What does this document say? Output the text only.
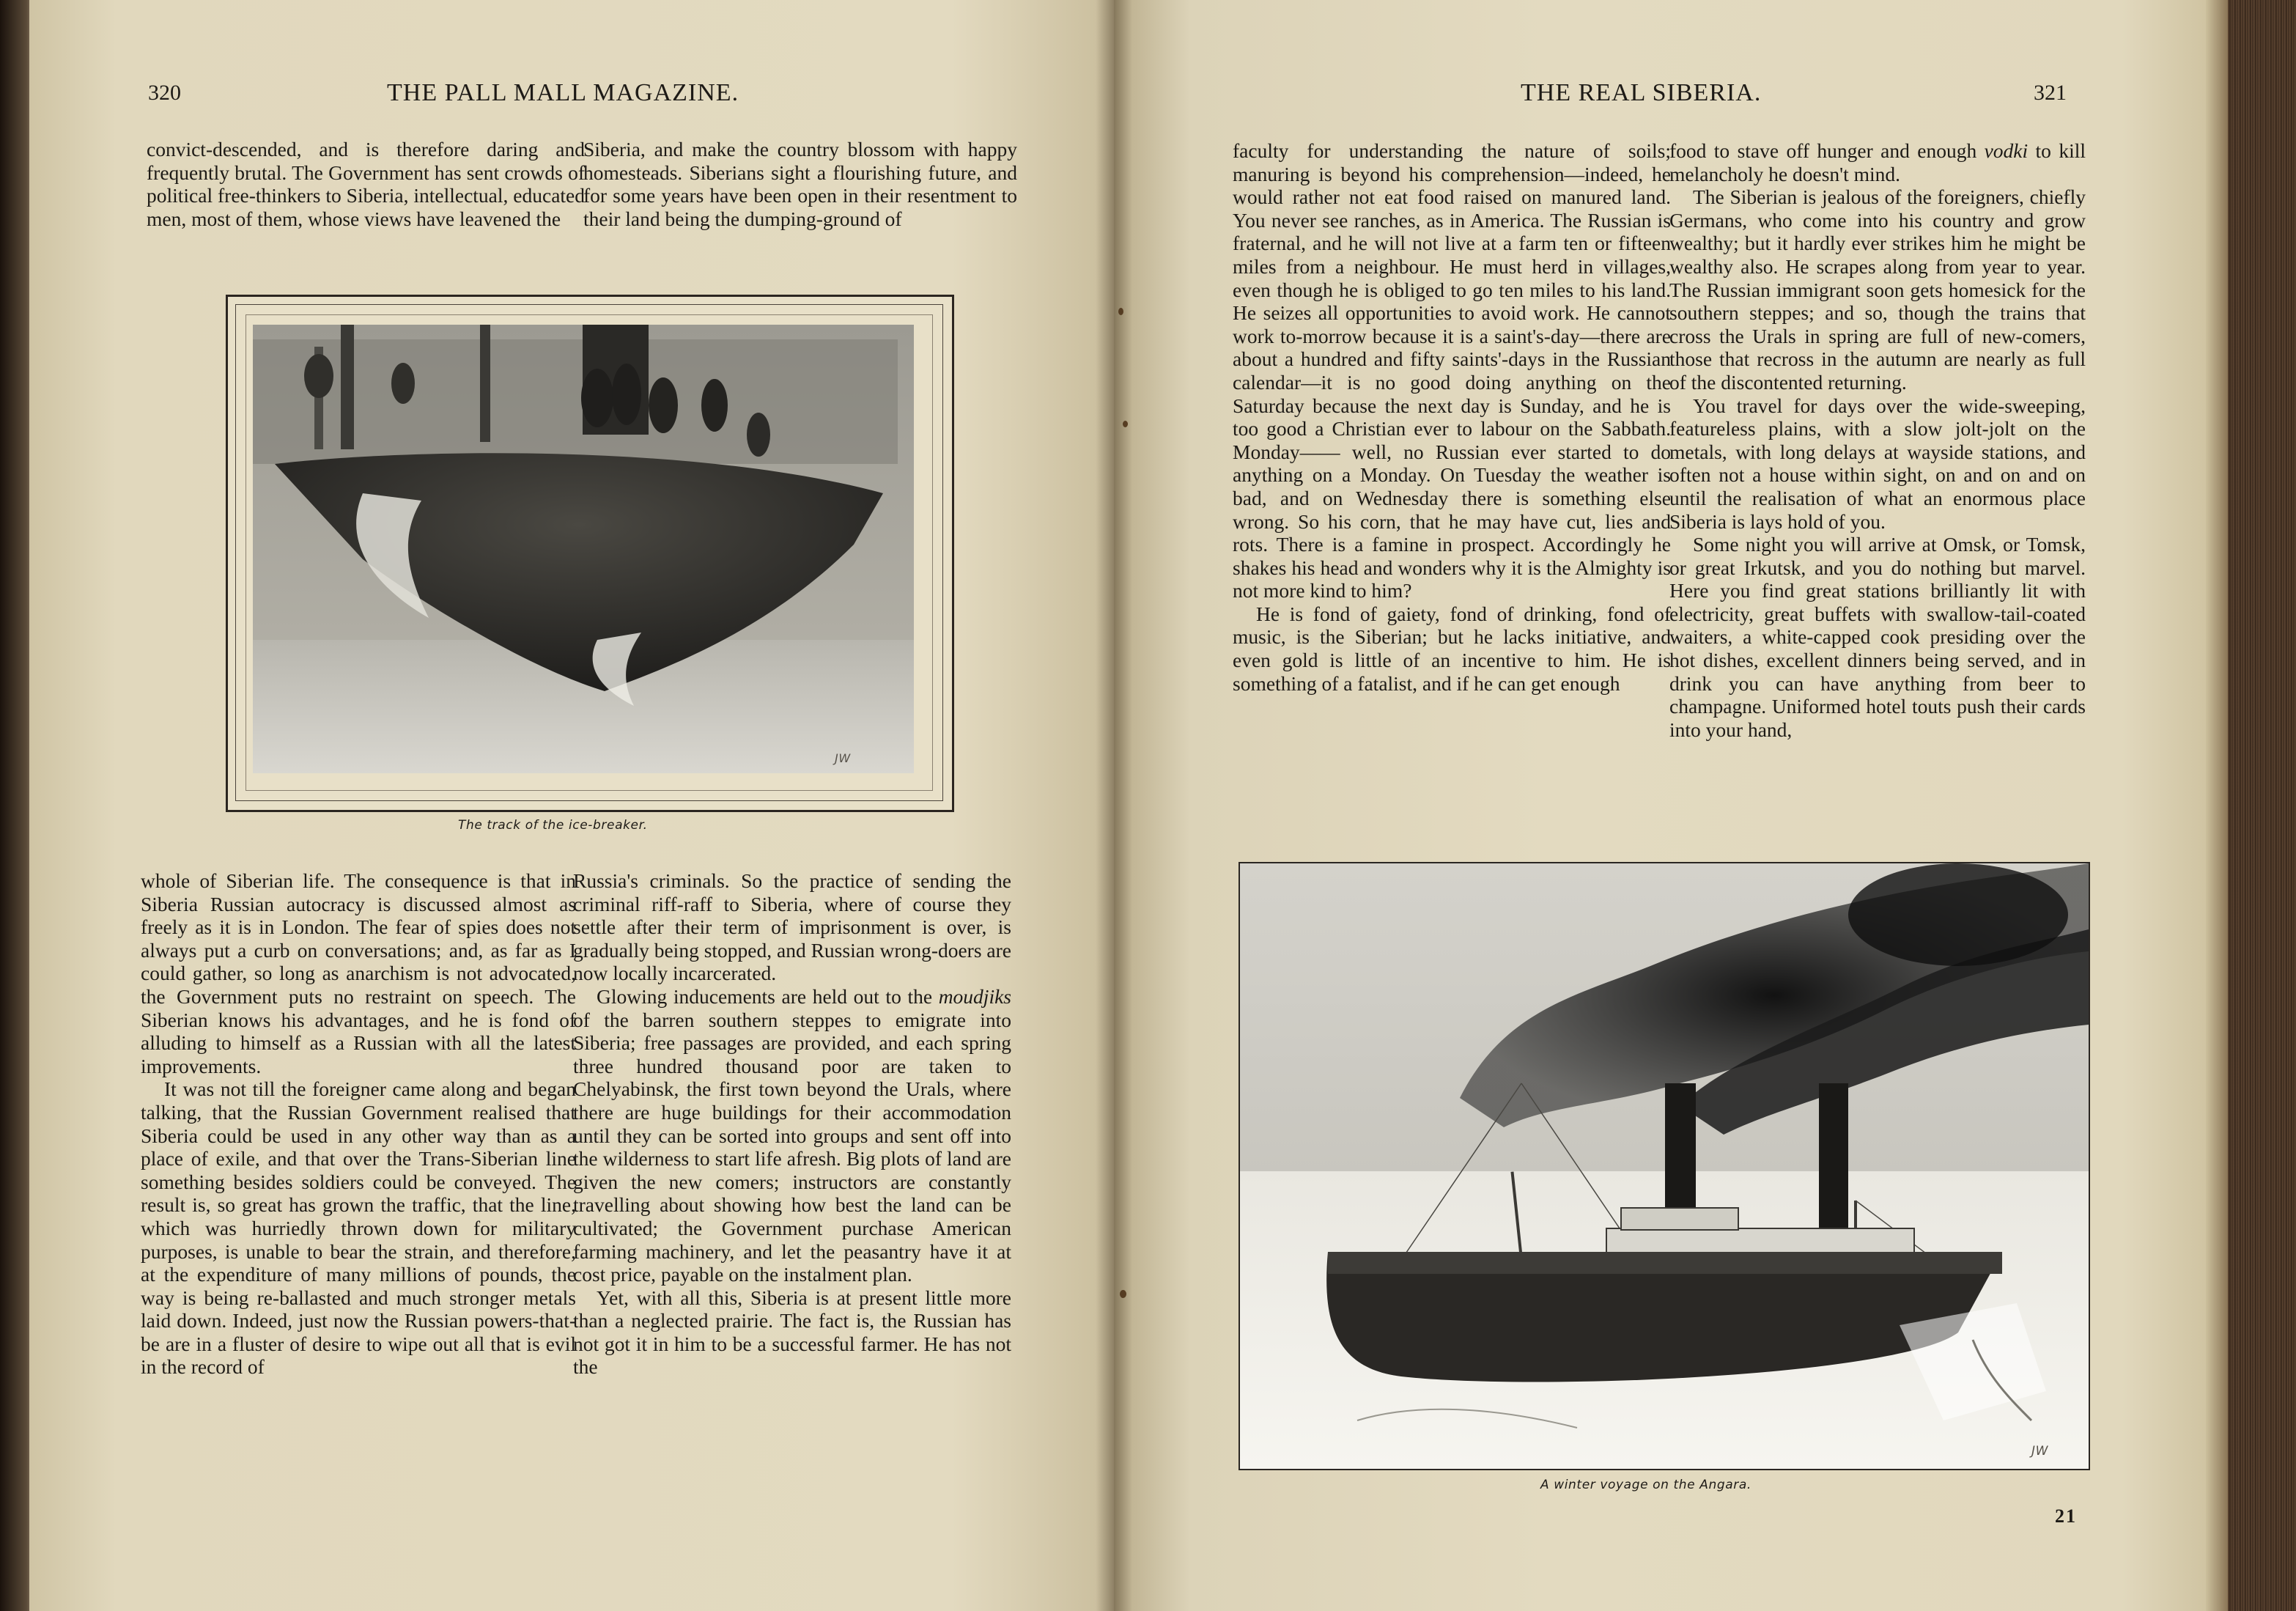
320	THE PALL MALL MAGAZINE.

convict-descended, and is therefore daring and frequently brutal. The Government has sent crowds of political free-thinkers to Siberia, intellectual, educated men, most of them, whose views have leavened the

Siberia, and make the country blossom with happy homesteads. Siberians sight a flourishing future, and for some years have been open in their resentment to their land being the dumping-ground of

JW
The track of the ice-breaker.

whole of Siberian life. The consequence is that in Siberia Russian autocracy is discussed almost as freely as it is in London. The fear of spies does not always put a curb on conversations; and, as far as I could gather, so long as anarchism is not advocated, the Government puts no restraint on speech. The Siberian knows his advantages, and he is fond of alluding to himself as a Russian with all the latest improvements.

It was not till the foreigner came along and began talking, that the Russian Government realised that Siberia could be used in any other way than as a place of exile, and that over the Trans-Siberian line something besides soldiers could be conveyed. The result is, so great has grown the traffic, that the line, which was hurriedly thrown down for military purposes, is unable to bear the strain, and therefore, at the expenditure of many millions of pounds, the way is being re-ballasted and much stronger metals laid down. Indeed, just now the Russian powers-that-be are in a fluster of desire to wipe out all that is evil in the record of

Russia's criminals. So the practice of sending the criminal riff-raff to Siberia, where of course they settle after their term of imprisonment is over, is gradually being stopped, and Russian wrong-doers are now locally incarcerated.

Glowing inducements are held out to the moudjiks of the barren southern steppes to emigrate into Siberia; free passages are provided, and each spring three hundred thousand poor are taken to Chelyabinsk, the first town beyond the Urals, where there are huge buildings for their accommodation until they can be sorted into groups and sent off into the wilderness to start life afresh. Big plots of land are given the new comers; instructors are constantly travelling about showing how best the land can be cultivated; the Government purchase American farming machinery, and let the peasantry have it at cost price, payable on the instalment plan.

Yet, with all this, Siberia is at present little more than a neglected prairie. The fact is, the Russian has not got it in him to be a successful farmer. He has not the

THE REAL SIBERIA.	321

faculty for understanding the nature of soils; manuring is beyond his comprehension—indeed, he would rather not eat food raised on manured land. You never see ranches, as in America. The Russian is fraternal, and he will not live at a farm ten or fifteen miles from a neighbour. He must herd in villages, even though he is obliged to go ten miles to his land. He seizes all opportunities to avoid work. He cannot work to-morrow because it is a saint's-day—there are about a hundred and fifty saints'-days in the Russian calendar—it is no good doing anything on the Saturday because the next day is Sunday, and he is too good a Christian ever to labour on the Sabbath. Monday—— well, no Russian ever started to do anything on a Monday. On Tuesday the weather is bad, and on Wednesday there is something else wrong. So his corn, that he may have cut, lies and rots. There is a famine in prospect. Accordingly he shakes his head and wonders why it is the Almighty is not more kind to him?

He is fond of gaiety, fond of drinking, fond of music, is the Siberian; but he lacks initiative, and even gold is little of an incentive to him. He is something of a fatalist, and if he can get enough

food to stave off hunger and enough vodki to kill melancholy he doesn't mind.

The Siberian is jealous of the foreigners, chiefly Germans, who come into his country and grow wealthy; but it hardly ever strikes him he might be wealthy also. He scrapes along from year to year. The Russian immigrant soon gets homesick for the southern steppes; and so, though the trains that cross the Urals in spring are full of new-comers, those that recross in the autumn are nearly as full of the discontented returning.

You travel for days over the wide-sweeping, featureless plains, with a slow jolt-jolt on the metals, with long delays at wayside stations, and often not a house within sight, on and on and on until the realisation of what an enormous place Siberia is lays hold of you.

Some night you will arrive at Omsk, or Tomsk, or great Irkutsk, and you do nothing but marvel. Here you find great stations brilliantly lit with electricity, great buffets with swallow-tail-coated waiters, a white-capped cook presiding over the hot dishes, excellent dinners being served, and in drink you can have anything from beer to champagne. Uniformed hotel touts push their cards into your hand,

JW
A winter voyage on the Angara.
21
